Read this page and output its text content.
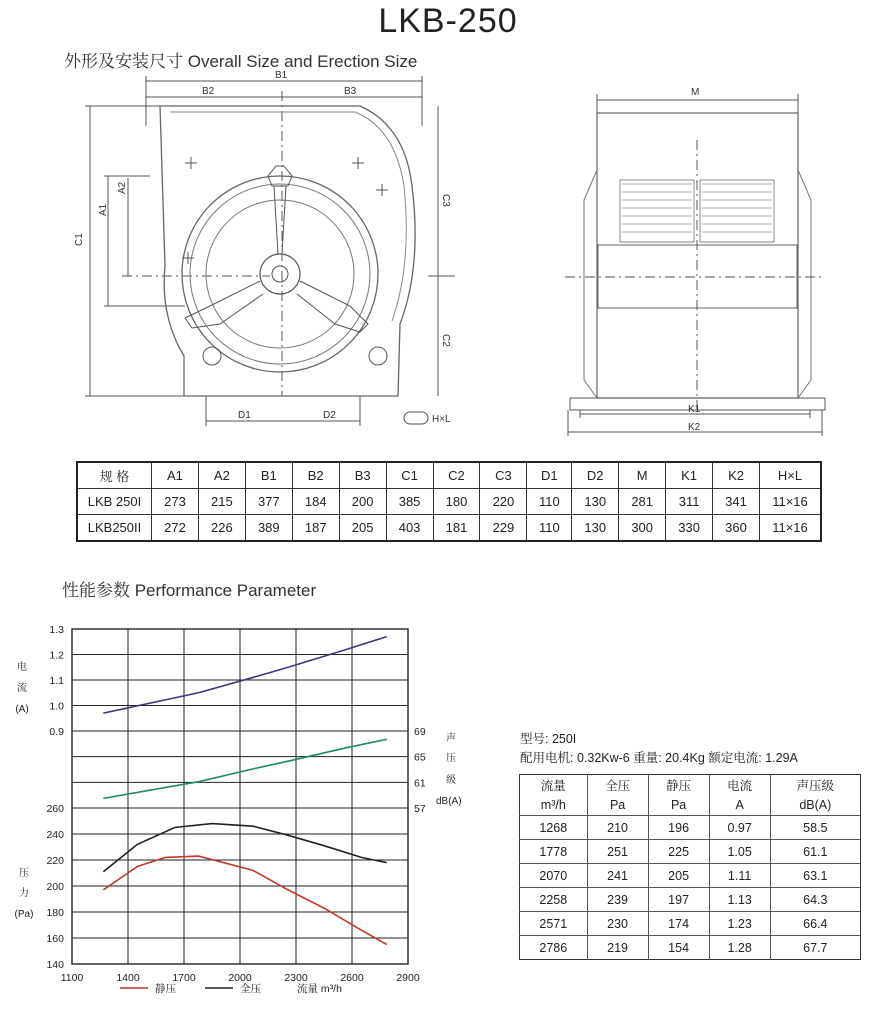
LKB-250
外形及安装尺寸 Overall Size and Erection Size
B1
B2	B3
C1
A1
A2
C3
C2
D1	D2	H×L
M
K1
K2
规 格	A1	A2	B1	B2	B3	C1	C2	C3	D1	D2	M	K1	K2	H×L
LKB 250I	273	215	377	184	200	385	180	220	110	130	281	311	341	11×16
LKB250II	272	226	389	187	205	403	181	229	110	130	300	330	360	11×16
性能参数 Performance Parameter
1100	1400	1700	2000	2300	2600	2900
0.9
1.0
1.1
1.2
1.3
57
61
65
69
140
160
180
200
220
240
260
电
流
(A)
声
压
级
dB(A)
压
力
(Pa)
静压	全压	流量 m³/h
型号: 250I
配用电机: 0.32Kw-6 重量: 20.4Kg 额定电流: 1.29A
流量	全压	静压	电流	声压级
m³/h	Pa	Pa	A	dB(A)
1268	210	196	0.97	58.5
1778	251	225	1.05	61.1
2070	241	205	1.11	63.1
2258	239	197	1.13	64.3
2571	230	174	1.23	66.4
2786	219	154	1.28	67.7
